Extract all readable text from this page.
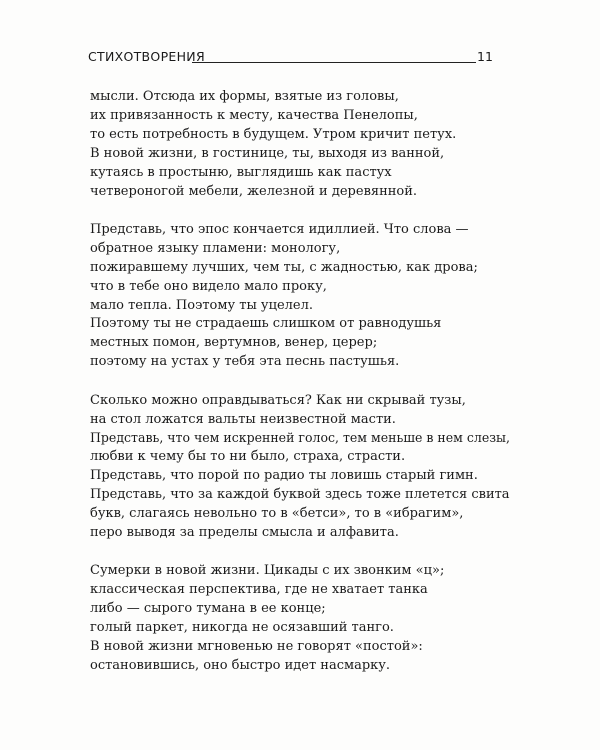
СТИХОТВОРЕНИЯ	11
мысли. Отсюда их формы, взятые из головы,
их привязанность к месту, качества Пенелопы,
то есть потребность в будущем. Утром кричит петух.
В новой жизни, в гостинице, ты, выходя из ванной,
кутаясь в простыню, выглядишь как пастух
четвероногой мебели, железной и деревянной.
Представь, что эпос кончается идиллией. Что слова —
обратное языку пламени: монологу,
пожиравшему лучших, чем ты, с жадностью, как дрова;
что в тебе оно видело мало проку,
мало тепла. Поэтому ты уцелел.
Поэтому ты не страдаешь слишком от равнодушья
местных помон, вертумнов, венер, церер;
поэтому на устах у тебя эта песнь пастушья.
Сколько можно оправдываться? Как ни скрывай тузы,
на стол ложатся вальты неизвестной масти.
Представь, что чем искренней голос, тем меньше в нем слезы,
любви к чему бы то ни было, страха, страсти.
Представь, что порой по радио ты ловишь старый гимн.
Представь, что за каждой буквой здесь тоже плетется свита
букв, слагаясь невольно то в «бетси», то в «ибрагим»,
перо выводя за пределы смысла и алфавита.
Сумерки в новой жизни. Цикады с их звонким «ц»;
классическая перспектива, где не хватает танка
либо — сырого тумана в ее конце;
голый паркет, никогда не осязавший танго.
В новой жизни мгновенью не говорят «постой»:
остановившись, оно быстро идет насмарку.
